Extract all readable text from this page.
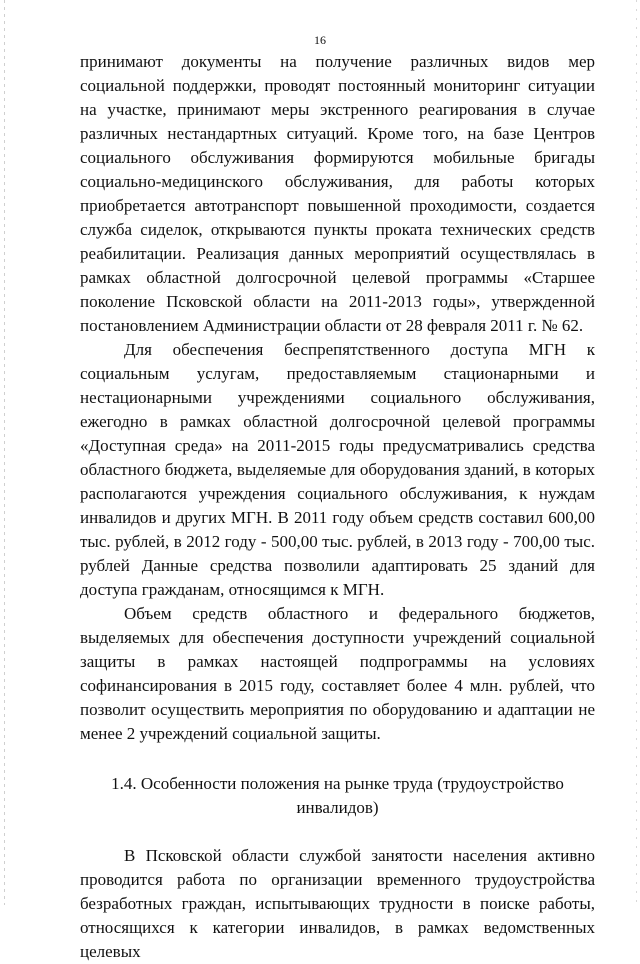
16

принимают документы на получение различных видов мер социальной поддержки, проводят постоянный мониторинг ситуации на участке, принимают меры экстренного реагирования в случае различных нестандартных ситуаций. Кроме того, на базе Центров социального обслуживания формируются мобильные бригады социально-медицинского обслуживания, для работы которых приобретается автотранспорт повышенной проходимости, создается служба сиделок, открываются пункты проката технических средств реабилитации. Реализация данных мероприятий осуществлялась в рамках областной долгосрочной целевой программы «Старшее поколение Псковской области на 2011-2013 годы», утвержденной постановлением Администрации области от 28 февраля 2011 г. № 62.

Для обеспечения беспрепятственного доступа МГН к социальным услугам, предоставляемым стационарными и нестационарными учреждениями социального обслуживания, ежегодно в рамках областной долгосрочной целевой программы «Доступная среда» на 2011-2015 годы предусматривались средства областного бюджета, выделяемые для оборудования зданий, в которых располагаются учреждения социального обслуживания, к нуждам инвалидов и других МГН. В 2011 году объем средств составил 600,00 тыс. рублей, в 2012 году - 500,00 тыс. рублей, в 2013 году - 700,00 тыс. рублей Данные средства позволили адаптировать 25 зданий для доступа гражданам, относящимся к МГН.

Объем средств областного и федерального бюджетов, выделяемых для обеспечения доступности учреждений социальной защиты в рамках настоящей подпрограммы на условиях софинансирования в 2015 году, составляет более 4 млн. рублей, что позволит осуществить мероприятия по оборудованию и адаптации не менее 2 учреждений социальной защиты.

1.4. Особенности положения на рынке труда (трудоустройство инвалидов)

В Псковской области службой занятости населения активно проводится работа по организации временного трудоустройства безработных граждан, испытывающих трудности в поиске работы, относящихся к категории инвалидов, в рамках ведомственных целевых
